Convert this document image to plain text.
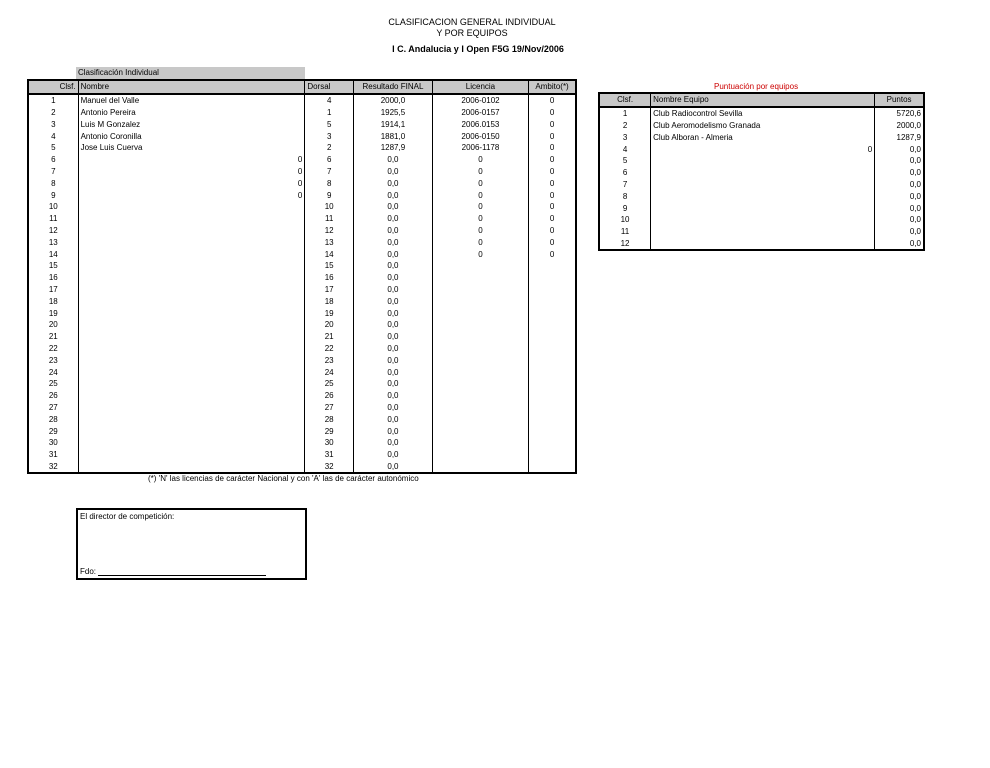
CLASIFICACION GENERAL INDIVIDUAL
Y POR EQUIPOS
I C. Andalucia y I Open F5G 19/Nov/2006
Clasificación Individual
Clsf.	Nombre	Dorsal	Resultado FINAL	Licencia	Ambito(*)
1	Manuel del Valle	4	2000,0	2006-0102	0
2	Antonio Pereira	1	1925,5	2006-0157	0
3	Luis M Gonzalez	5	1914,1	2006.0153	0
4	Antonio Coronilla	3	1881,0	2006-0150	0
5	Jose Luis Cuerva	2	1287,9	2006-1178	0
6	0	6	0,0	0	0
7	0	7	0,0	0	0
8	0	8	0,0	0	0
9	0	9	0,0	0	0
10		10	0,0	0	0
11		11	0,0	0	0
12		12	0,0	0	0
13		13	0,0	0	0
14		14	0,0	0	0
15		15	0,0		
16		16	0,0		
17		17	0,0		
18		18	0,0		
19		19	0,0		
20		20	0,0		
21		21	0,0		
22		22	0,0		
23		23	0,0		
24		24	0,0		
25		25	0,0		
26		26	0,0		
27		27	0,0		
28		28	0,0		
29		29	0,0		
30		30	0,0		
31		31	0,0		
32		32	0,0		
(*) 'N' las licencias de carácter Nacional y con 'A' las de carácter autonómico
Puntuación por equipos
Clsf.	Nombre Equipo	Puntos
1	Club Radiocontrol Sevilla	5720,6
2	Club Aeromodelismo Granada	2000,0
3	Club Alboran - Almeria	1287,9
4	0	0,0
5		0,0
6		0,0
7		0,0
8		0,0
9		0,0
10		0,0
11		0,0
12		0,0
El director de competición:
Fdo:
